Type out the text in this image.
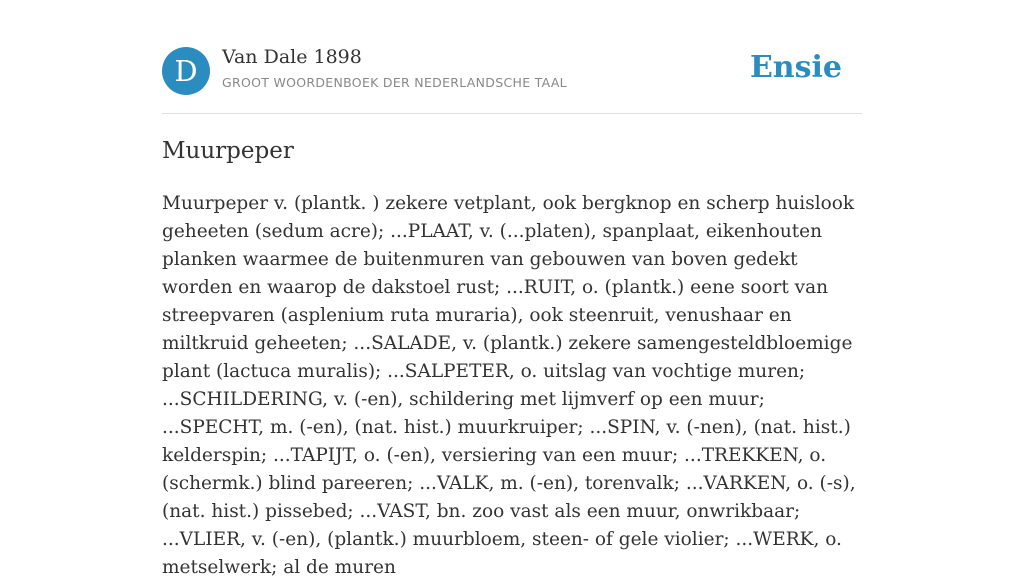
D	Van Dale 1898
GROOT WOORDENBOEK DER NEDERLANDSCHE TAAL	Ensie
Muurpeper

Muurpeper v. (plantk. ) zekere vetplant, ook bergknop en scherp huislook geheeten (sedum acre); ...PLAAT, v. (...platen), spanplaat, eikenhouten planken waarmee de buitenmuren van gebouwen van boven gedekt worden en waarop de dakstoel rust; ...RUIT, o. (plantk.) eene soort van streepvaren (asplenium ruta muraria), ook steenruit, venushaar en miltkruid geheeten; ...SALADE, v. (plantk.) zekere samengesteldbloemige plant (lactuca muralis); ...SALPETER, o. uitslag van vochtige muren; ...SCHILDERING, v. (-en), schildering met lijmverf op een muur; ...SPECHT, m. (-en), (nat. hist.) muurkruiper; ...SPIN, v. (-nen), (nat. hist.) kelderspin; ...TAPIJT, o. (-en), versiering van een muur; ...TREKKEN, o. (schermk.) blind pareeren; ...VALK, m. (-en), torenvalk; ...VARKEN, o. (-s), (nat. hist.) pissebed; ...VAST, bn. zoo vast als een muur, onwrikbaar; ...VLIER, v. (-en), (plantk.) muurbloem, steen- of gele violier; ...WERK, o. metselwerk; al de muren
